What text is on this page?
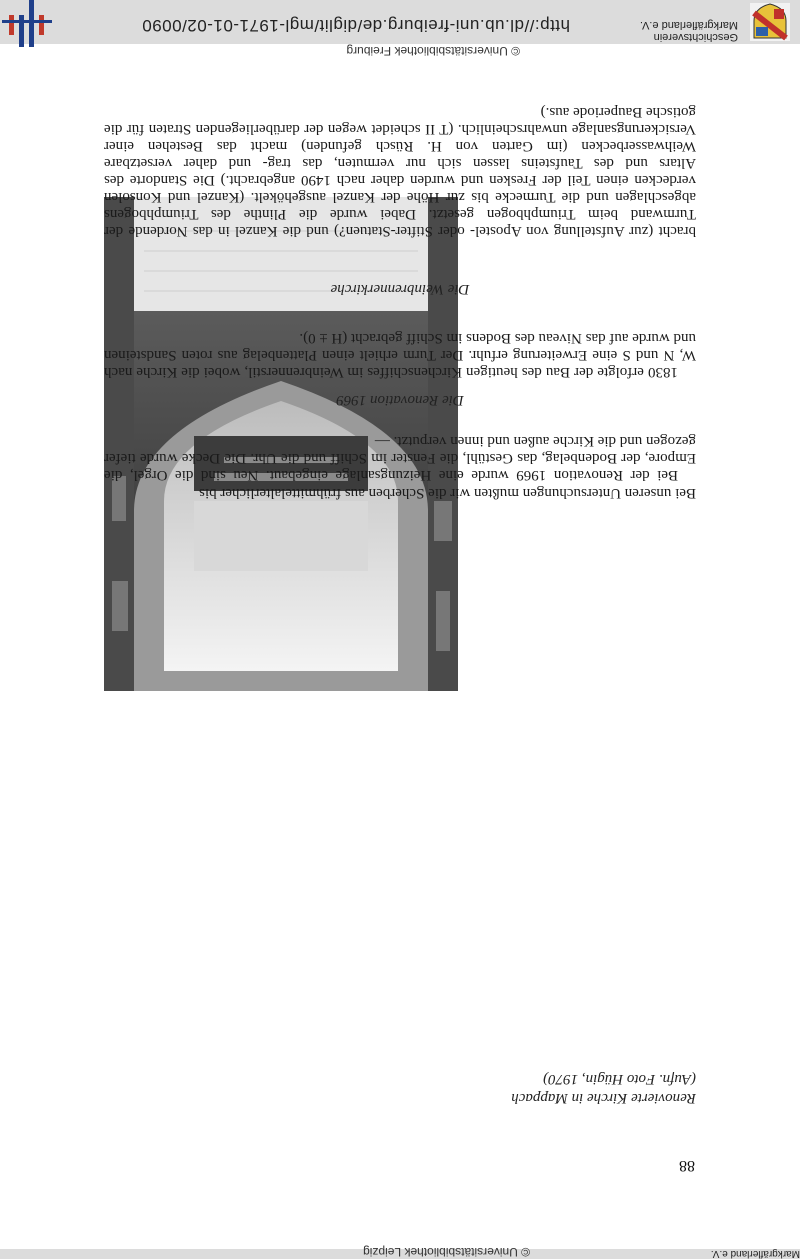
© Universitätsbibliothek Freiburg
http://dl.ub.uni-freiburg.de/diglit/mgl-1971-01-02/0090
© Universitätsbibliothek Leipzig
Geschichtsverein
Markgräflerland e.V.
Markgräflerland e.V.
88
Renovierte Kirche in Mappach (Aufn. Foto Hügin, 1970)

bracht (zur Aufstellung von Apostel- oder Stifter-Statuen?) und die Kanzel in das Nordende der Turmwand beim Triumphbogen gesetzt. Dabei wurde die Plinthe des Triumphbogens abgeschlagen und die Turmecke bis zur Höhe der Kanzel ausgehökelt. (Kanzel und Konsolen verdecken einen Teil der Fresken und wurden daher nach 1490 angebracht.) Die Standorte des Altars und des Taufsteins lassen sich nur vermuten, das trag- und daher versetzbare Weihwasserbecken (im Garten von H. Rüsch gefunden) macht das Bestehen einer Versickerungsanlage unwahrscheinlich. (T II scheidet wegen der darüberliegenden Straten für die gotische Bauperiode aus.)

Die Weinbrennerkirche

1830 erfolgte der Bau des heutigen Kirchenschiffes im Weinbrennerstil, wobei die Kirche nach W, N und S eine Erweiterung erfuhr. Der Turm erhielt einen Plattenbelag aus roten Sandsteinen und wurde auf das Niveau des Bodens im Schiff gebracht (H ± 0).

Die Renovation 1969

Bei der Renovation 1969 wurde eine Heizungsanlage eingebaut. Neu sind die Orgel, die Empore, der Bodenbelag, das Gestühl, die Fenster im Schiff und die Uhr. Die Decke wurde tiefer gezogen und die Kirche außen und innen verputzt. —

Bei unseren Untersuchungen mußten wir die Scherben aus frühmittelalterlicher bis
